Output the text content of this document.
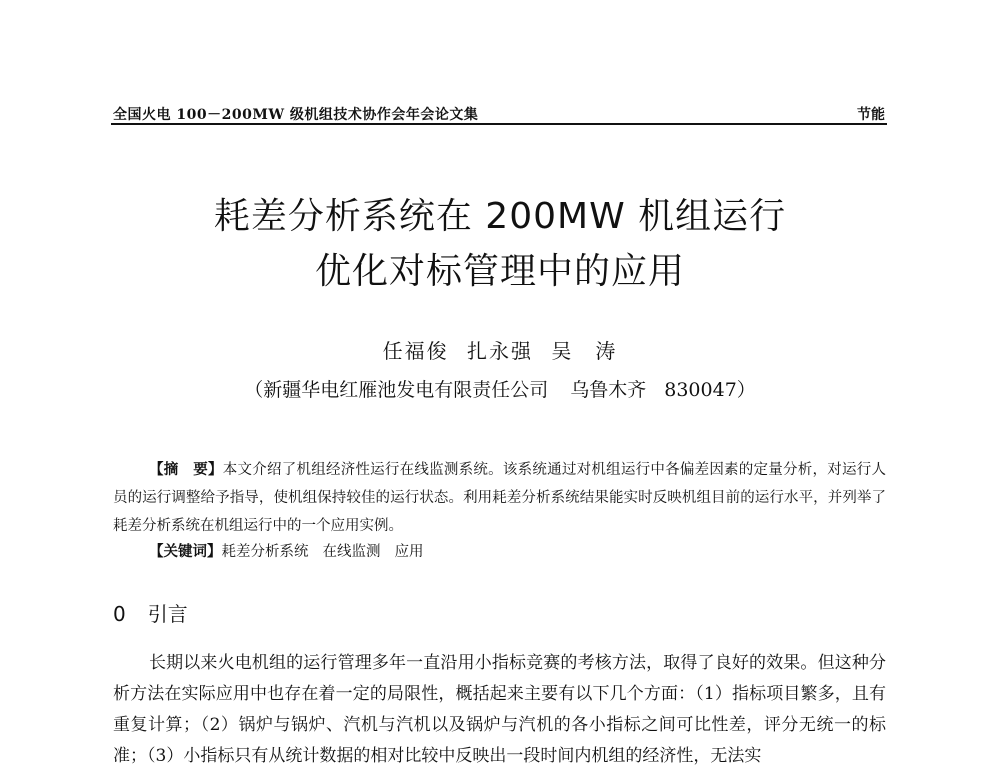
全国火电 100－200MW 级机组技术协作会年会论文集	节能
耗差分析系统在 200MW 机组运行
优化对标管理中的应用
任福俊 扎永强 吴　涛
（新疆华电红雁池发电有限责任公司 乌鲁木齐 830047）
【摘　要】本文介绍了机组经济性运行在线监测系统。该系统通过对机组运行中各偏差因素的定量分析，对运行人员的运行调整给予指导，使机组保持较佳的运行状态。利用耗差分析系统结果能实时反映机组目前的运行水平，并列举了耗差分析系统在机组运行中的一个应用实例。
【关键词】耗差分析系统 在线监测 应用
0 引言
长期以来火电机组的运行管理多年一直沿用小指标竞赛的考核方法，取得了良好的效果。但这种分析方法在实际应用中也存在着一定的局限性，概括起来主要有以下几个方面：（1）指标项目繁多，且有重复计算；（2）锅炉与锅炉、汽机与汽机以及锅炉与汽机的各小指标之间可比性差，评分无统一的标准；（3）小指标只有从统计数据的相对比较中反映出一段时间内机组的经济性，无法实
